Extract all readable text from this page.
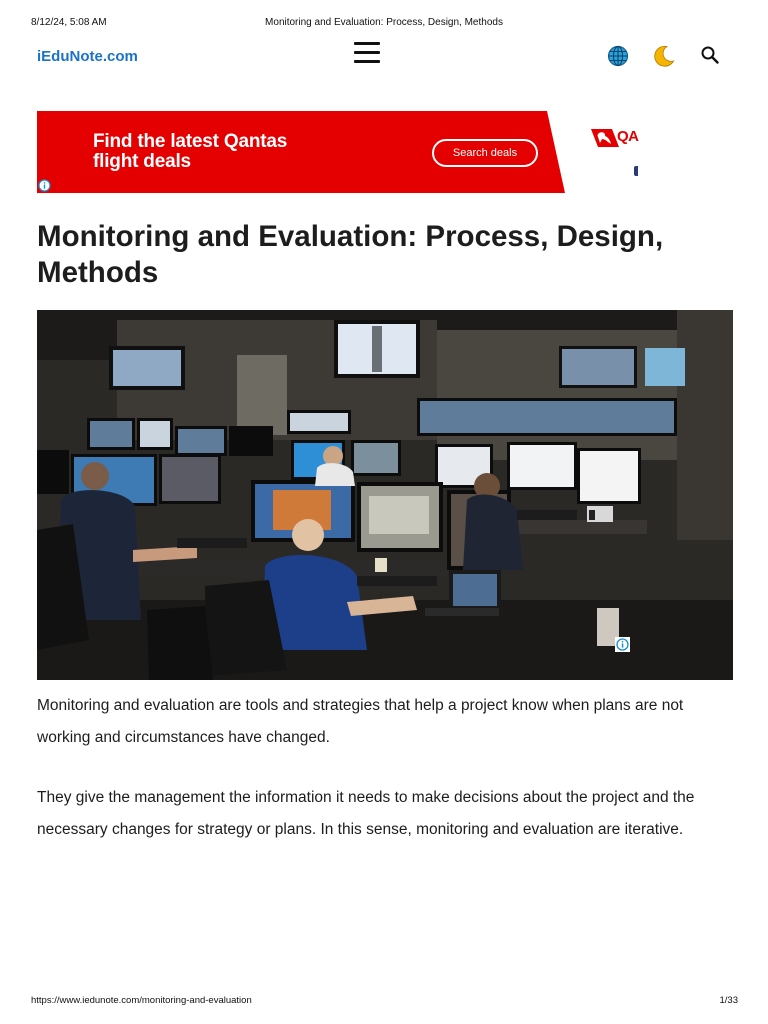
8/12/24, 5:08 AM	Monitoring and Evaluation: Process, Design, Methods
iEduNote.com
Find the latest Qantas
flight deals	Search deals
QA
Monitoring and Evaluation: Process, Design, Methods

Monitoring and evaluation are tools and strategies that help a project know when plans are not working and circumstances have changed.

They give the management the information it needs to make decisions about the project and the necessary changes for strategy or plans. In this sense, monitoring and evaluation are iterative.

https://www.iedunote.com/monitoring-and-evaluation	1/33
